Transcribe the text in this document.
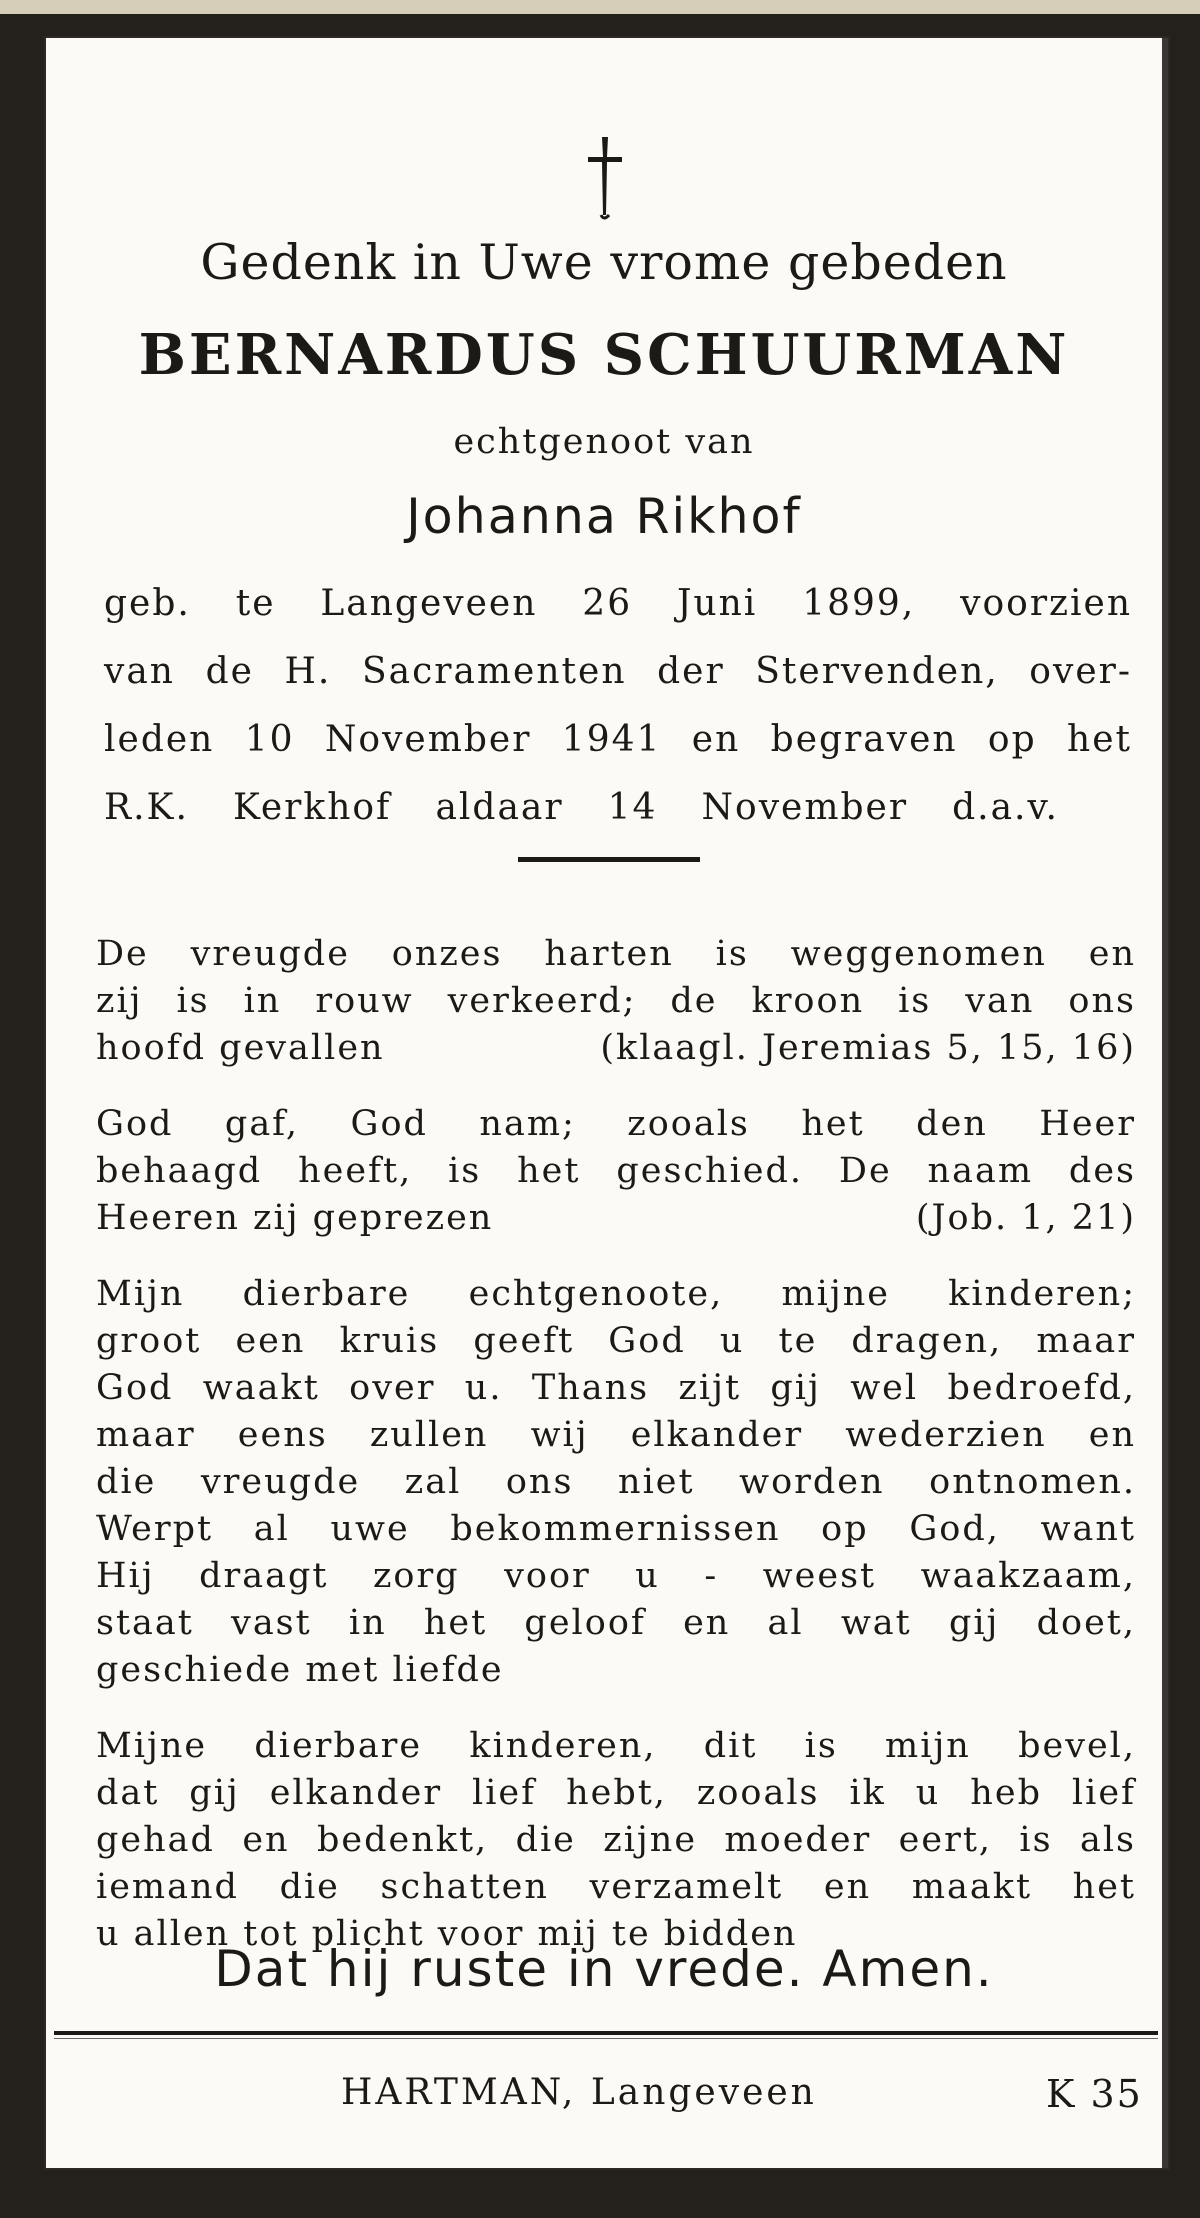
Gedenk in Uwe vrome gebeden
BERNARDUS SCHUURMAN
echtgenoot van
Johanna Rikhof
geb. te Langeveen 26 Juni 1899, voorzien
van de H. Sacramenten der Stervenden, over-
leden 10 November 1941 en begraven op het
R.K. Kerkhof aldaar 14 November d.a.v.
De vreugde onzes harten is weggenomen en
zij is in rouw verkeerd; de kroon is van ons
hoofd gevallen	(klaagl. Jeremias 5, 15, 16)
God gaf, God nam; zooals het den Heer
behaagd heeft, is het geschied. De naam des
Heeren zij geprezen	(Job. 1, 21)
Mijn dierbare echtgenoote, mijne kinderen;
groot een kruis geeft God u te dragen, maar
God waakt over u. Thans zijt gij wel bedroefd,
maar eens zullen wij elkander wederzien en
die vreugde zal ons niet worden ontnomen.
Werpt al uwe bekommernissen op God, want
Hij draagt zorg voor u - weest waakzaam,
staat vast in het geloof en al wat gij doet,
geschiede met liefde
Mijne dierbare kinderen, dit is mijn bevel,
dat gij elkander lief hebt, zooals ik u heb lief
gehad en bedenkt, die zijne moeder eert, is als
iemand die schatten verzamelt en maakt het
u allen tot plicht voor mij te bidden
Dat hij ruste in vrede. Amen.
HARTMAN, Langeveen	K 35
